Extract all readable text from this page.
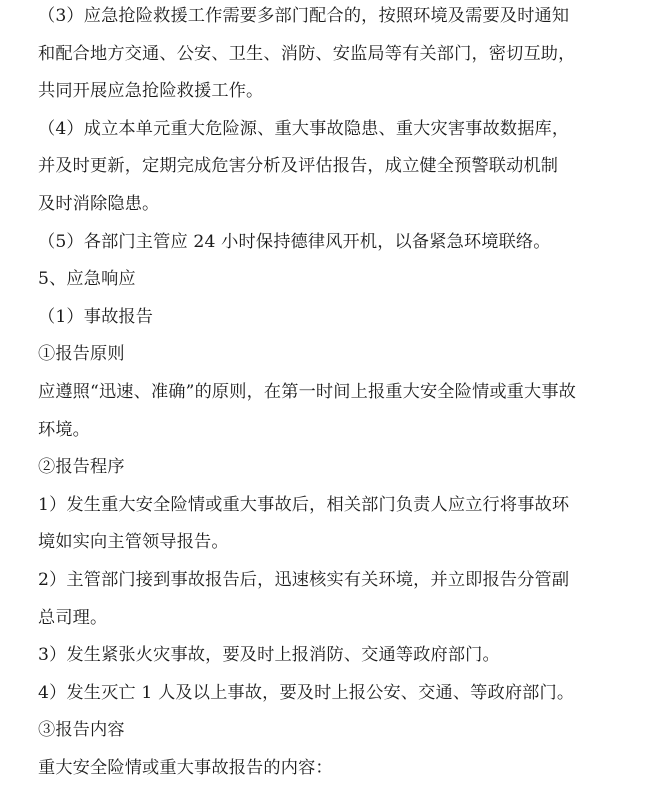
（3）应急抢险救援工作需要多部门配合的，按照环境及需要及时通知
和配合地方交通、公安、卫生、消防、安监局等有关部门，密切互助，
共同开展应急抢险救援工作。
（4）成立本单元重大危险源、重大事故隐患、重大灾害事故数据库，
并及时更新，定期完成危害分析及评估报告，成立健全预警联动机制
及时消除隐患。
（5）各部门主管应 24 小时保持德律风开机，以备紧急环境联络。
5、应急响应
（1）事故报告
①报告原则
应遵照“迅速、准确”的原则，在第一时间上报重大安全险情或重大事故
环境。
②报告程序
1）发生重大安全险情或重大事故后，相关部门负责人应立行将事故环
境如实向主管领导报告。
2）主管部门接到事故报告后，迅速核实有关环境，并立即报告分管副
总司理。
3）发生紧张火灾事故，要及时上报消防、交通等政府部门。
4）发生灭亡 1 人及以上事故，要及时上报公安、交通、等政府部门。
③报告内容
重大安全险情或重大事故报告的内容：
